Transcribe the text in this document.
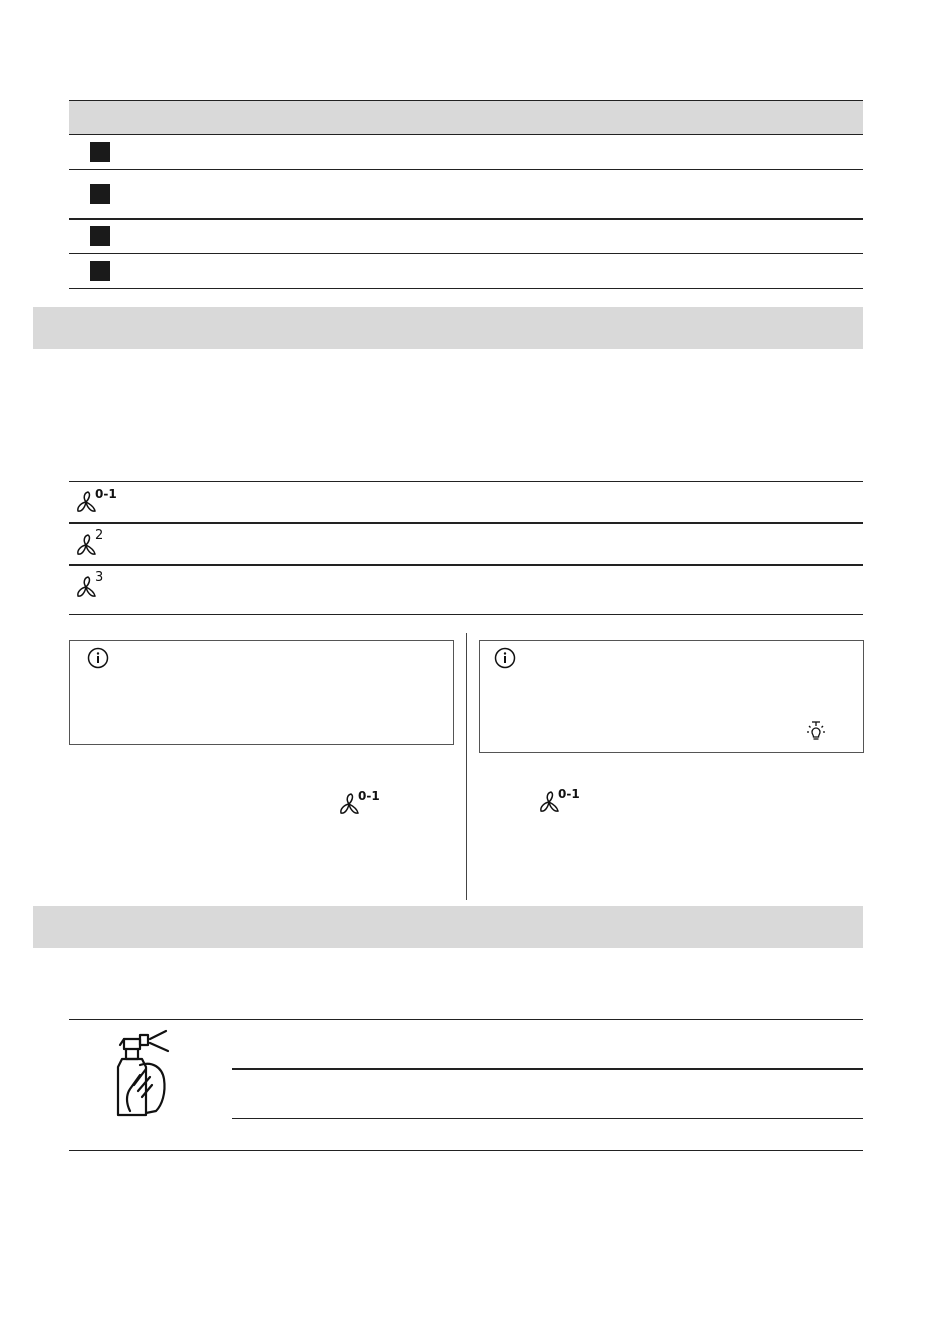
0-1
2
3
0-1	0-1
